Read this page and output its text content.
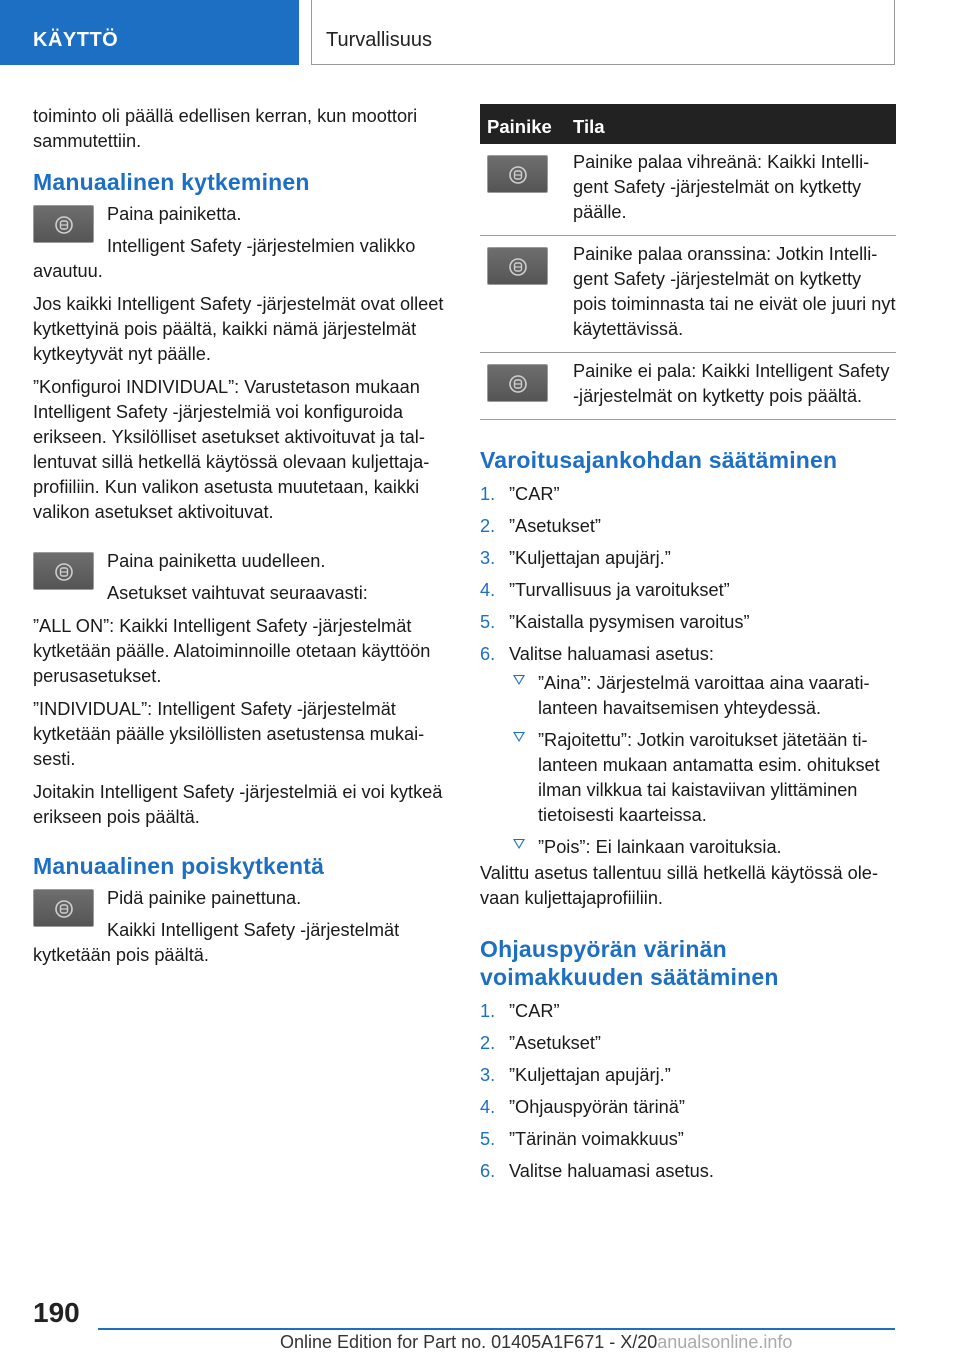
KÄYTTÖ	Turvallisuus

toiminto oli päällä edellisen kerran, kun moottori sammutettiin.

Manuaalinen kytkeminen

Paina painiketta.

Intelligent Safety -järjestelmien valikko avautuu.

Jos kaikki Intelligent Safety -järjestelmät ovat olleet kytkettyinä pois päältä, kaikki nämä järjestelmät kytkeytyvät nyt päälle.

”Konfiguroi INDIVIDUAL”: Varustetason mukaan Intelligent Safety -järjestelmiä voi konfiguroida erikseen. Yksilölliset asetukset aktivoituvat ja tallentuvat sillä hetkellä käytössä olevaan kuljettajaprofiiliin. Kun valikon asetusta muutetaan, kaikki valikon asetukset aktivoituvat.

Paina painiketta uudelleen.

Asetukset vaihtuvat seuraavasti:

”ALL ON”: Kaikki Intelligent Safety -järjestelmät kytketään päälle. Alatoiminnoille otetaan käyttöön perusasetukset.

”INDIVIDUAL”: Intelligent Safety -järjestelmät kytketään päälle yksilöllisten asetustensa mukaisesti.

Joitakin Intelligent Safety -järjestelmiä ei voi kytkeä erikseen pois päältä.

Manuaalinen poiskytkentä

Pidä painike painettuna.

Kaikki Intelligent Safety -järjestelmät kytketään pois päältä.

Painike Tila
Painike palaa vihreänä: Kaikki Intelligent Safety -järjestelmät on kytketty päälle.
Painike palaa oranssina: Jotkin Intelligent Safety -järjestelmät on kytketty pois toiminnasta tai ne eivät ole juuri nyt käytettävissä.
Painike ei pala: Kaikki Intelligent Safety -järjestelmät on kytketty pois päältä.
Varoitusajankohdan säätäminen
1. ”CAR”
2. ”Asetukset”
3. ”Kuljettajan apujärj.”
4. ”Turvallisuus ja varoitukset”
5. ”Kaistalla pysymisen varoitus”
6. Valitse haluamasi asetus:
”Aina”: Järjestelmä varoittaa aina vaaratilanteen havaitsemisen yhteydessä.
”Rajoitettu”: Jotkin varoitukset jätetään tilanteen mukaan antamatta esim. ohitukset ilman vilkkua tai kaistaviivan ylittäminen tietoisesti kaarteissa.
”Pois”: Ei lainkaan varoituksia.

Valittu asetus tallentuu sillä hetkellä käytössä olevaan kuljettajaprofiiliin.

Ohjauspyörän värinän
voimakkuuden säätäminen
1. ”CAR”
2. ”Asetukset”
3. ”Kuljettajan apujärj.”
4. ”Ohjauspyörän tärinä”
5. ”Tärinän voimakkuus”
6. Valitse haluamasi asetus.
190
Online Edition for Part no. 01405A1F671 - X/20anualsonline.info
